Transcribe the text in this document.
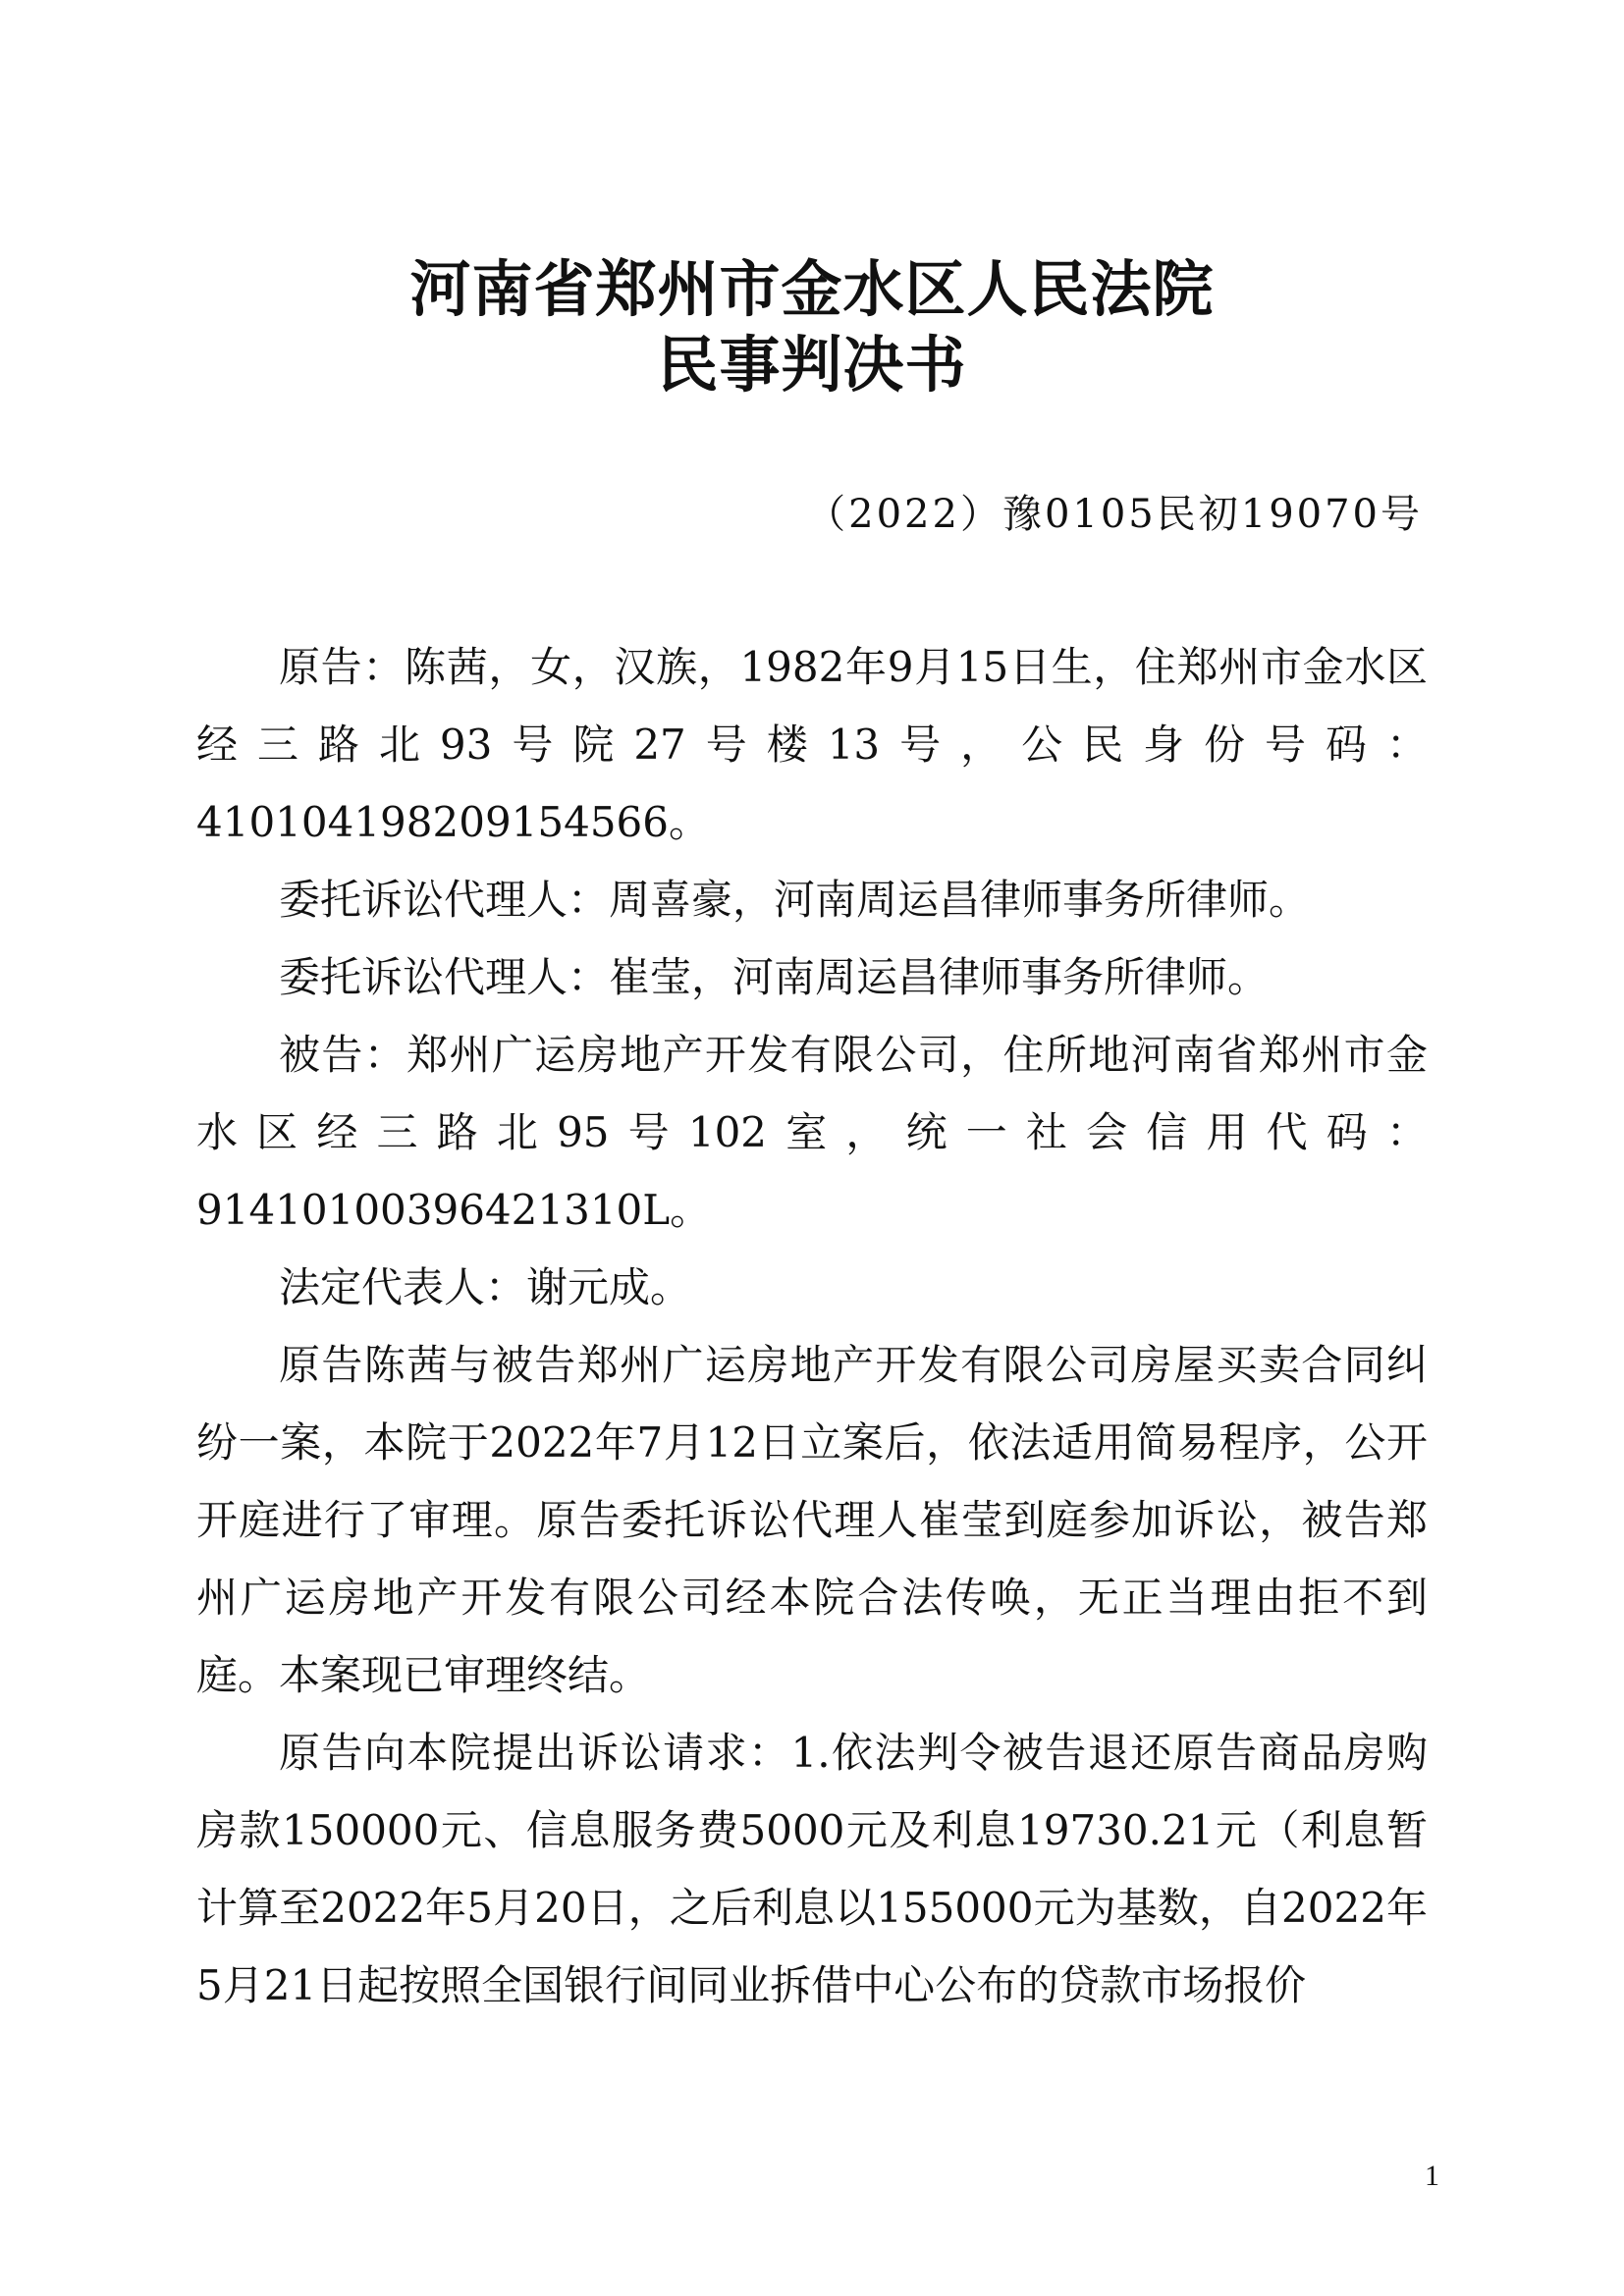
河南省郑州市金水区人民法院
民事判决书
（2022）豫0105民初19070号

原告：陈茜，女，汉族，1982年9月15日生，住郑州市金水区经三路北93号院27号楼13号，公民身份号码：410104198209154566。

委托诉讼代理人：周喜豪，河南周运昌律师事务所律师。

委托诉讼代理人：崔莹，河南周运昌律师事务所律师。

被告：郑州广运房地产开发有限公司，住所地河南省郑州市金水区经三路北95号102室，统一社会信用代码：91410100396421310L。

法定代表人：谢元成。

原告陈茜与被告郑州广运房地产开发有限公司房屋买卖合同纠纷一案，本院于2022年7月12日立案后，依法适用简易程序，公开开庭进行了审理。原告委托诉讼代理人崔莹到庭参加诉讼，被告郑州广运房地产开发有限公司经本院合法传唤，无正当理由拒不到庭。本案现已审理终结。

原告向本院提出诉讼请求：1.依法判令被告退还原告商品房购房款150000元、信息服务费5000元及利息19730.21元（利息暂计算至2022年5月20日，之后利息以155000元为基数，自2022年5月21日起按照全国银行间同业拆借中心公布的贷款市场报价

1
